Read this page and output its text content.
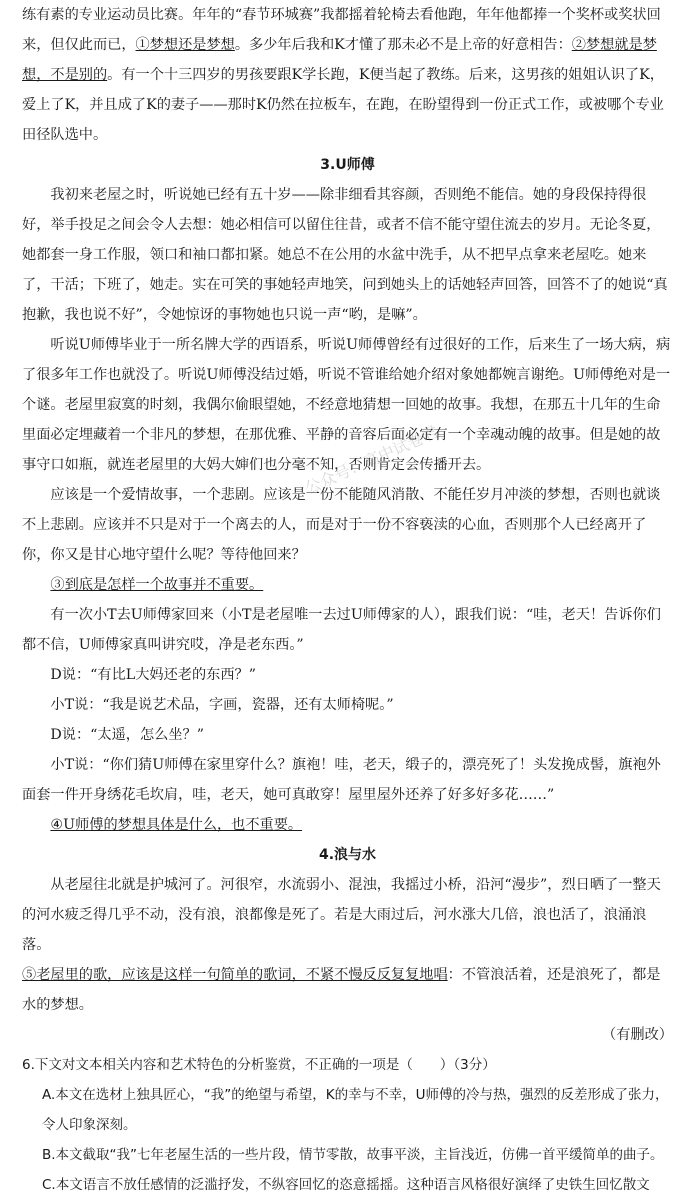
练有素的专业运动员比赛。年年的“春节环城赛”我都摇着轮椅去看他跑，年年他都捧一个奖杯或奖状回来，但仅此而已，①梦想还是梦想。多少年后我和K才懂了那未必不是上帝的好意相告：②梦想就是梦想，不是别的。有一个十三四岁的男孩要跟K学长跑，K便当起了教练。后来，这男孩的姐姐认识了K，爱上了K，并且成了K的妻子——那时K仍然在拉板车，在跑，在盼望得到一份正式工作，或被哪个专业田径队选中。

3.U师傅

我初来老屋之时，听说她已经有五十岁——除非细看其容颜，否则绝不能信。她的身段保持得很好，举手投足之间会令人去想：她必相信可以留住往昔，或者不信不能守望住流去的岁月。无论冬夏，她都套一身工作服，领口和袖口都扣紧。她总不在公用的水盆中洗手，从不把早点拿来老屋吃。她来了，干活；下班了，她走。实在可笑的事她轻声地笑，问到她头上的话她轻声回答，回答不了的她说“真抱歉，我也说不好”，令她惊讶的事物她也只说一声“哟，是嘛”。

听说U师傅毕业于一所名牌大学的西语系，听说U师傅曾经有过很好的工作，后来生了一场大病，病了很多年工作也就没了。听说U师傅没结过婚，听说不管谁给她介绍对象她都婉言谢绝。U师傅绝对是一个谜。老屋里寂寞的时刻，我偶尔偷眼望她，不经意地猜想一回她的故事。我想，在那五十几年的生命里面必定埋藏着一个非凡的梦想，在那优雅、平静的音容后面必定有一个幸魂动魄的故事。但是她的故事守口如瓶，就连老屋里的大妈大婶们也分毫不知，否则肯定会传播开去。

应该是一个爱情故事，一个悲剧。应该是一份不能随风消散、不能任岁月冲淡的梦想，否则也就谈不上悲剧。应该并不只是对于一个离去的人，而是对于一份不容亵渎的心血，否则那个人已经离开了你，你又是甘心地守望什么呢？等待他回来？

③到底是怎样一个故事并不重要。

有一次小T去U师傅家回来（小T是老屋唯一去过U师傅家的人），跟我们说：“哇，老天！告诉你们都不信，U师傅家真叫讲究哎，净是老东西。”

D说：“有比L大妈还老的东西？”

小T说：“我是说艺术品，字画，瓷器，还有太师椅呢。”

D说：“太遥，怎么坐？”

小T说：“你们猜U师傅在家里穿什么？旗袍！哇，老天，缎子的，漂亮死了！头发挽成髻，旗袍外面套一件开身绣花毛坎肩，哇，老天，她可真敢穿！屋里屋外还养了好多好多花……”

④U师傅的梦想具体是什么，也不重要。

4.浪与水

从老屋往北就是护城河了。河很窄，水流弱小、混浊，我摇过小桥，沿河“漫步”，烈日晒了一整天的河水疲乏得几乎不动，没有浪，浪都像是死了。若是大雨过后，河水涨大几倍，浪也活了，浪涌浪落。

⑤老屋里的歌，应该是这样一句简单的歌词，不紧不慢反反复复地唱：不管浪活着，还是浪死了，都是水的梦想。

（有删改）

6.下文对文本相关内容和艺术特色的分析鉴赏，不正确的一项是（　　）（3分）

A.本文在选材上独具匠心，“我”的绝望与希望，K的幸与不幸，U师傅的冷与热，强烈的反差形成了张力，令人印象深刻。

B.本文截取“我”七年老屋生活的一些片段，情节零散，故事平淡，主旨浅近，仿佛一首平缓简单的曲子。

C.本文语言不放任感情的泛滥抒发，不纵容回忆的恣意摇摇。这种语言风格很好演绎了史铁生回忆散文

公众号：高中试卷君
